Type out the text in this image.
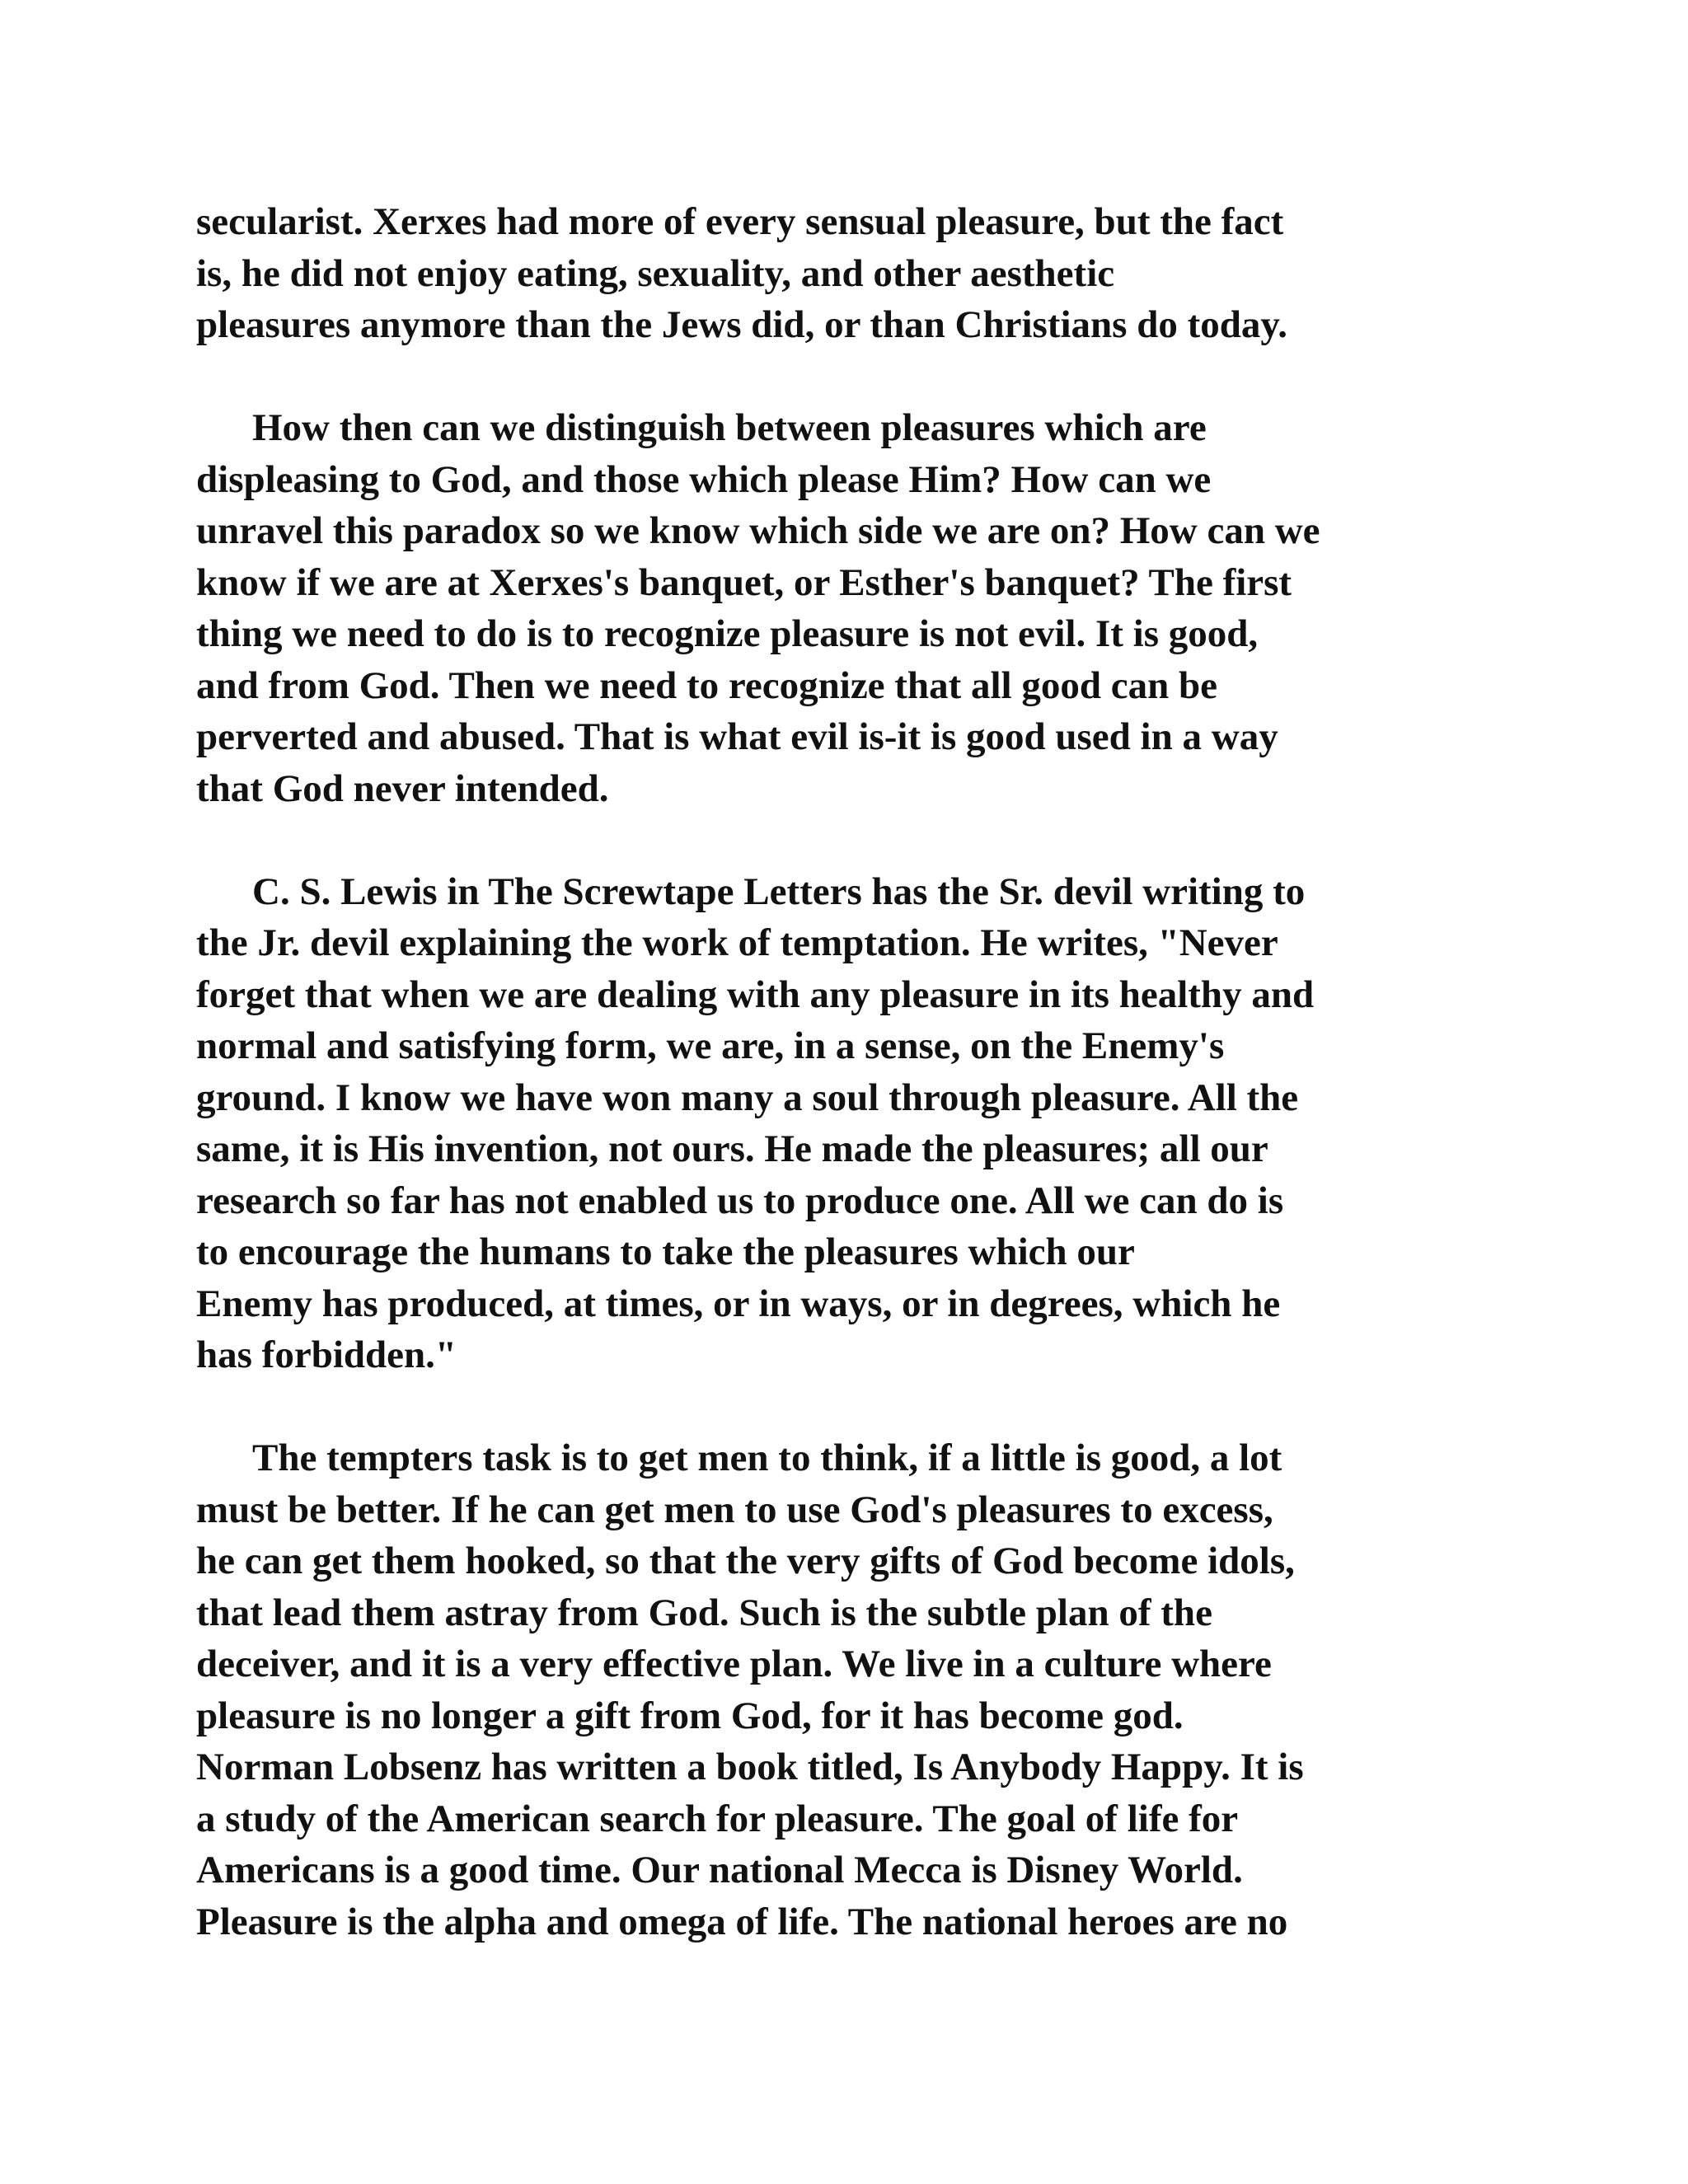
secularist. Xerxes had more of every sensual pleasure, but the fact
is, he did not enjoy eating, sexuality, and other aesthetic
pleasures anymore than the Jews did, or than Christians do today.

How then can we distinguish between pleasures which are
displeasing to God, and those which please Him? How can we
unravel this paradox so we know which side we are on? How can we
know if we are at Xerxes's banquet, or Esther's banquet? The first
thing we need to do is to recognize pleasure is not evil. It is good,
and from God. Then we need to recognize that all good can be
perverted and abused. That is what evil is-it is good used in a way
that God never intended.

C. S. Lewis in The Screwtape Letters has the Sr. devil writing to
the Jr. devil explaining the work of temptation. He writes, "Never
forget that when we are dealing with any pleasure in its healthy and
normal and satisfying form, we are, in a sense, on the Enemy's
ground. I know we have won many a soul through pleasure. All the
same, it is His invention, not ours. He made the pleasures; all our
research so far has not enabled us to produce one. All we can do is
to encourage the humans to take the pleasures which our
Enemy has produced, at times, or in ways, or in degrees, which he
has forbidden."

The tempters task is to get men to think, if a little is good, a lot
must be better. If he can get men to use God's pleasures to excess,
he can get them hooked, so that the very gifts of God become idols,
that lead them astray from God. Such is the subtle plan of the
deceiver, and it is a very effective plan. We live in a culture where
pleasure is no longer a gift from God, for it has become god.
Norman Lobsenz has written a book titled, Is Anybody Happy. It is
a study of the American search for pleasure. The goal of life for
Americans is a good time. Our national Mecca is Disney World.
Pleasure is the alpha and omega of life. The national heroes are no
